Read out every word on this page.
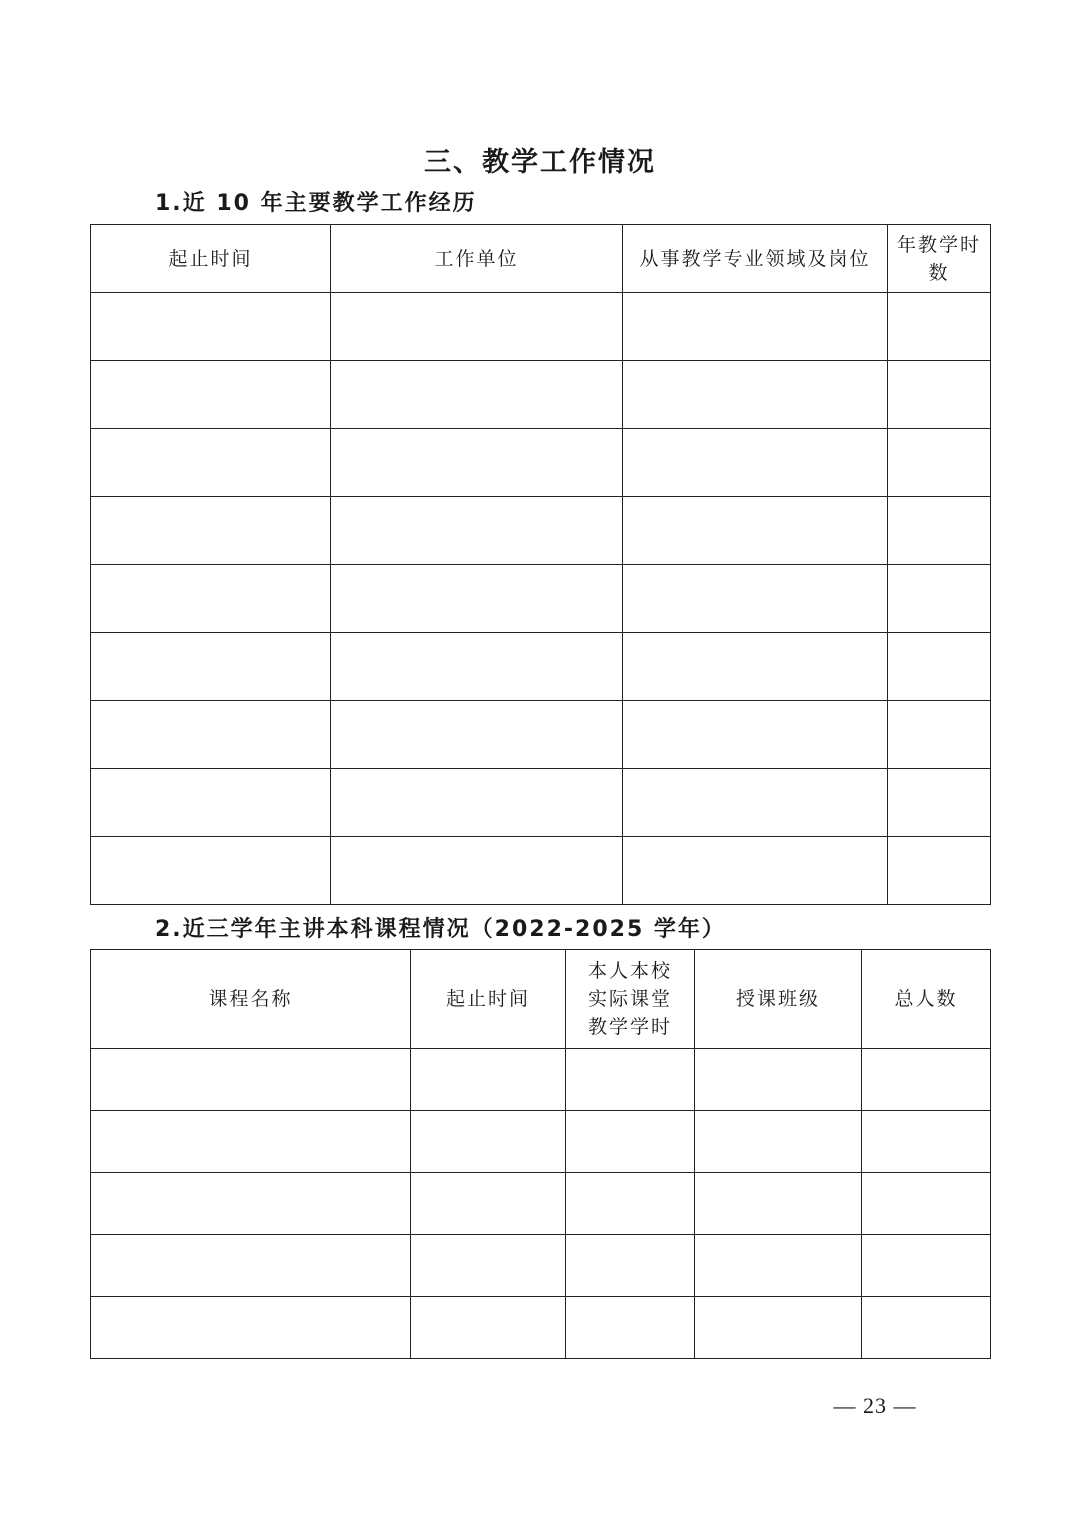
三、教学工作情况
1.近 10 年主要教学工作经历
起止时间	工作单位	从事教学专业领域及岗位	年教学时数

2.近三学年主讲本科课程情况（2022-2025 学年）
课程名称	起止时间	本人本校实际课堂教学学时	授课班级	总人数

— 23 —
